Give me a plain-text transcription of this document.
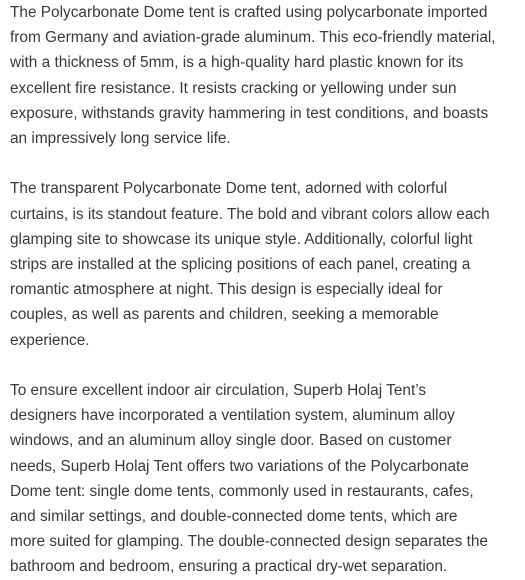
The Polycarbonate Dome tent is crafted using polycarbonate imported
from Germany and aviation-grade aluminum. This eco-friendly material,
with a thickness of 5mm, is a high-quality hard plastic known for its
excellent fire resistance. It resists cracking or yellowing under sun
exposure, withstands gravity hammering in test conditions, and boasts
an impressively long service life.

The transparent Polycarbonate Dome tent, adorned with colorful
curtains, is its standout feature. The bold and vibrant colors allow each
glamping site to showcase its unique style. Additionally, colorful light
strips are installed at the splicing positions of each panel, creating a
romantic atmosphere at night. This design is especially ideal for
couples, as well as parents and children, seeking a memorable
experience.

To ensure excellent indoor air circulation, Superb Holaj Tent’s
designers have incorporated a ventilation system, aluminum alloy
windows, and an aluminum alloy single door. Based on customer
needs, Superb Holaj Tent offers two variations of the Polycarbonate
Dome tent: single dome tents, commonly used in restaurants, cafes,
and similar settings, and double-connected dome tents, which are
more suited for glamping. The double-connected design separates the
bathroom and bedroom, ensuring a practical dry-wet separation.
